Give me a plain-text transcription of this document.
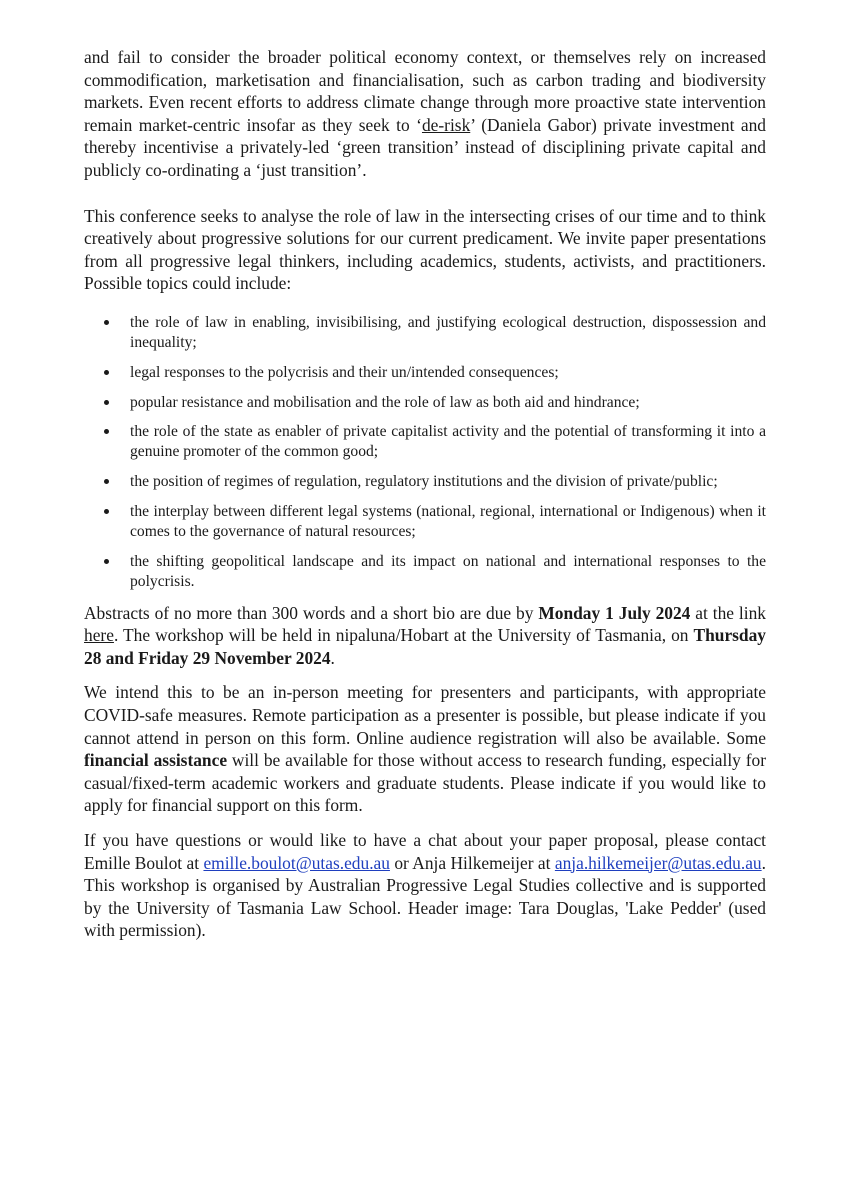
and fail to consider the broader political economy context, or themselves rely on increased commodification, marketisation and financialisation, such as carbon trading and biodiversity markets. Even recent efforts to address climate change through more proactive state intervention remain market-centric insofar as they seek to ‘de-risk’ (Daniela Gabor) private investment and thereby incentivise a privately-led ‘green transition’ instead of disciplining private capital and publicly co-ordinating a ‘just transition’.

This conference seeks to analyse the role of law in the intersecting crises of our time and to think creatively about progressive solutions for our current predicament. We invite paper presentations from all progressive legal thinkers, including academics, students, activists, and practitioners. Possible topics could include:

the role of law in enabling, invisibilising, and justifying ecological destruction, dispossession and inequality;
legal responses to the polycrisis and their un/intended consequences;
popular resistance and mobilisation and the role of law as both aid and hindrance;
the role of the state as enabler of private capitalist activity and the potential of transforming it into a genuine promoter of the common good;
the position of regimes of regulation, regulatory institutions and the division of private/public;
the interplay between different legal systems (national, regional, international or Indigenous) when it comes to the governance of natural resources;
the shifting geopolitical landscape and its impact on national and international responses to the polycrisis.

Abstracts of no more than 300 words and a short bio are due by Monday 1 July 2024 at the link here. The workshop will be held in nipaluna/Hobart at the University of Tasmania, on Thursday 28 and Friday 29 November 2024.

We intend this to be an in-person meeting for presenters and participants, with appropriate COVID-safe measures. Remote participation as a presenter is possible, but please indicate if you cannot attend in person on this form. Online audience registration will also be available. Some financial assistance will be available for those without access to research funding, especially for casual/fixed-term academic workers and graduate students. Please indicate if you would like to apply for financial support on this form.

If you have questions or would like to have a chat about your paper proposal, please contact Emille Boulot at emille.boulot@utas.edu.au or Anja Hilkemeijer at anja.hilkemeijer@utas.edu.au. This workshop is organised by Australian Progressive Legal Studies collective and is supported by the University of Tasmania Law School. Header image: Tara Douglas, 'Lake Pedder' (used with permission).
